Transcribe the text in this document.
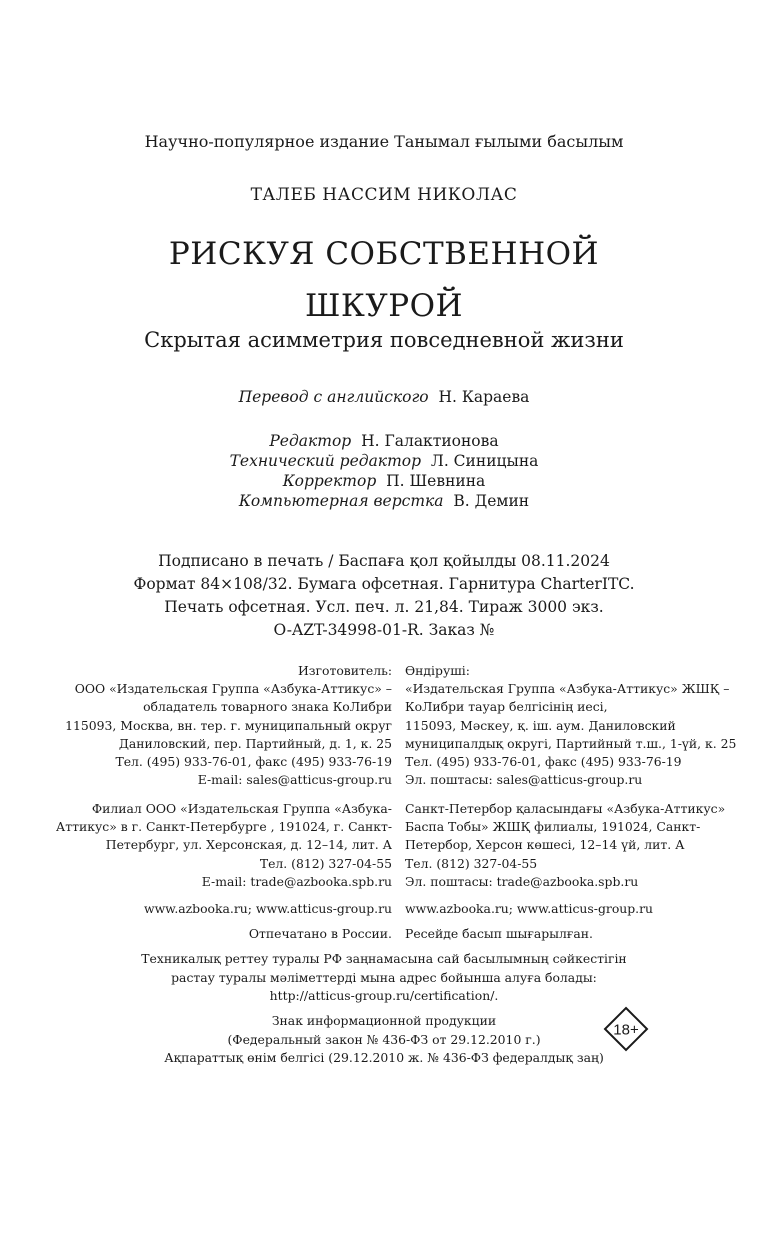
Научно-популярное издание Танымал ғылыми басылым
ТАЛЕБ НАССИМ НИКОЛАС
РИСКУЯ СОБСТВЕННОЙ
ШКУРОЙ
Скрытая асимметрия повседневной жизни
Перевод с английского Н. Караева
Редактор Н. Галактионова
Технический редактор Л. Синицына
Корректор П. Шевнина
Компьютерная верстка В. Демин
Подписано в печать / Баспаға қол қойылды 08.11.2024
Формат 84×108/32. Бумага офсетная. Гарнитура CharterITC.
Печать офсетная. Усл. печ. л. 21,84. Тираж 3000 экз.
O-AZT-34998-01-R. Заказ №
Изготовитель:
ООО «Издательская Группа «Азбука-Аттикус» –
обладатель товарного знака КоЛибри
115093, Москва, вн. тер. г. муниципальный округ
Даниловский, пер. Партийный, д. 1, к. 25
Тел. (495) 933-76-01, факс (495) 933-76-19
E-mail: sales@atticus-group.ru
Өндіруші:
«Издательская Группа «Азбука-Аттикус» ЖШҚ –
КоЛибри тауар белгісінің иесі,
115093, Мәскеу, қ. іш. аум. Даниловский
муниципалдық округі, Партийный т.ш., 1-үй, к. 25
Тел. (495) 933-76-01, факс (495) 933-76-19
Эл. поштасы: sales@atticus-group.ru
Филиал ООО «Издательская Группа «Азбука-
Аттикус» в г. Санкт-Петербурге , 191024, г. Санкт-
Петербург, ул. Херсонская, д. 12–14, лит. А
Тел. (812) 327-04-55
E-mail: trade@azbooka.spb.ru
Санкт-Петербор қаласындағы «Азбука-Аттикус»
Баспа Тобы» ЖШҚ филиалы, 191024, Санкт-
Петербор, Херсон көшесі, 12–14 үй, лит. А
Тел. (812) 327-04-55
Эл. поштасы: trade@azbooka.spb.ru
www.azbooka.ru; www.atticus-group.ru www.azbooka.ru; www.atticus-group.ru
Отпечатано в России. Ресейде басып шығарылған.
Техникалық реттеу туралы РФ заңнамасына сай басылымның сәйкестігін
растау туралы мәліметтерді мына адрес бойынша алуға болады:
http://atticus-group.ru/certification/.
Знак информационной продукции
(Федеральный закон № 436-ФЗ от 29.12.2010 г.)
Ақпараттық өнім белгісі (29.12.2010 ж. № 436-ФЗ федералдық заң)
18+
